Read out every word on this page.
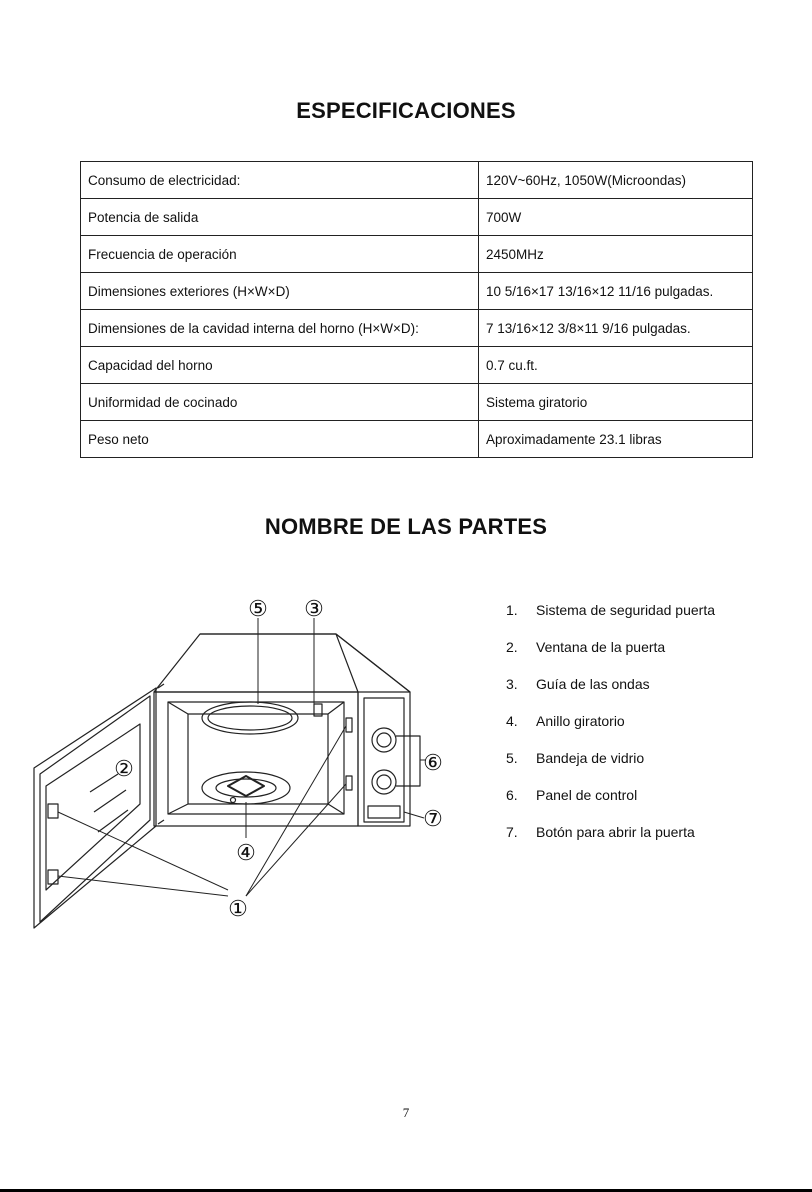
ESPECIFICACIONES
Consumo de electricidad:	120V~60Hz, 1050W(Microondas)
Potencia de salida	700W
Frecuencia de operación	2450MHz
Dimensiones exteriores (H×W×D)	10 5/16×17 13/16×12 11/16 pulgadas.
Dimensiones de la cavidad interna del horno (H×W×D):	7 13/16×12 3/8×11 9/16 pulgadas.
Capacidad del horno	0.7 cu.ft.
Uniformidad de cocinado	Sistema giratorio
Peso neto	Aproximadamente 23.1 libras
NOMBRE DE LAS PARTES
①
②
③
④
⑤
⑥
⑦
1.	Sistema de seguridad puerta
2.	Ventana de la puerta
3.	Guía de las ondas
4.	Anillo giratorio
5.	Bandeja de vidrio
6.	Panel de control
7.	Botón para abrir la puerta
7
